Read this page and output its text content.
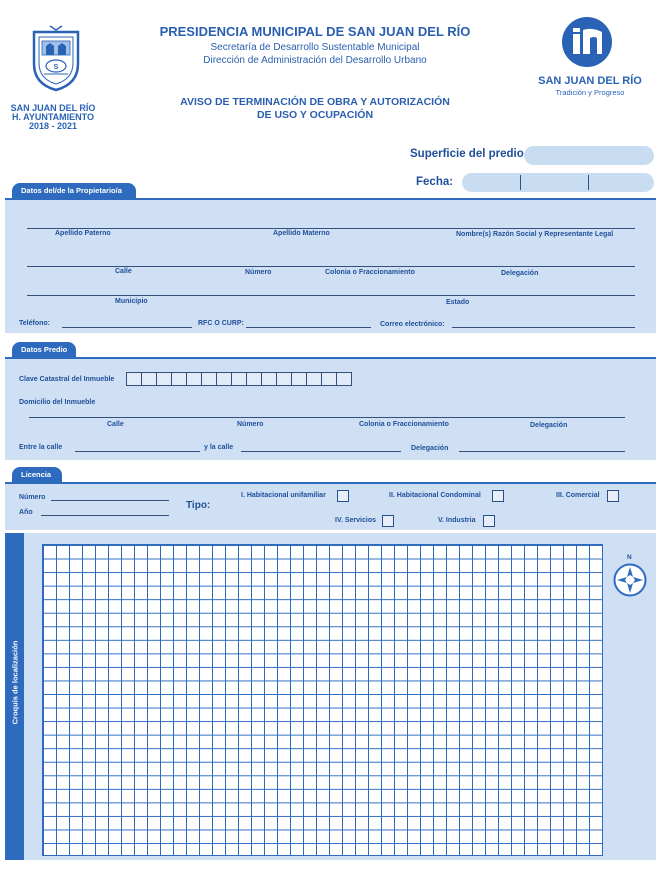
S
SAN JUAN DEL RÍO
H. AYUNTAMIENTO
2018 - 2021
PRESIDENCIA MUNICIPAL DE SAN JUAN DEL RÍO
Secretaría de Desarrollo Sustentable Municipal
Dirección de Administración del Desarrollo Urbano
AVISO DE TERMINACIÓN DE OBRA Y AUTORIZACIÓN
DE USO Y OCUPACIÓN
SAN JUAN DEL RÍO
Tradición y Progreso
Superficie del predio
Fecha:
Datos del/de la Propietario/a
Apellido Paterno	Apellido Materno	Nombre(s) Razón Social y Representante Legal
Calle	Número	Colonia o Fraccionamiento	Delegación
Municipio	Estado
Teléfono:	RFC O CURP:	Correo electrónico:
Datos Predio
Clave Catastral del Inmueble
Domicilio del Inmueble
Calle	Número	Colonia o Fraccionamiento	Delegación
Entre la calle	y la calle	Delegación
Licencia
Número
Año
Tipo:
I. Habitacional unifamiliar	II. Habitacional Condominal	III. Comercial
IV. Servicios	V. Industria
Croquis de localización
N
